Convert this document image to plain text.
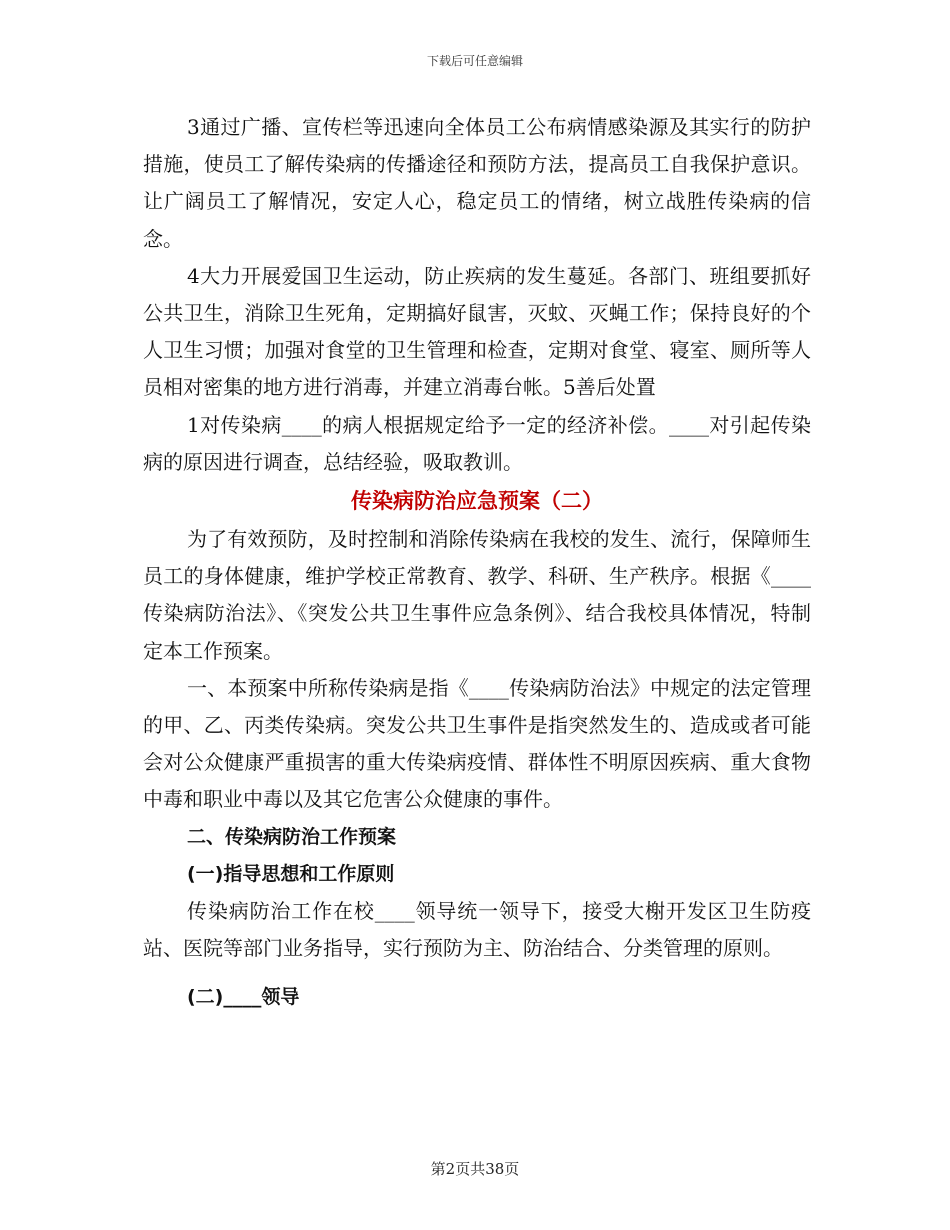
下载后可任意编辑

3通过广播、宣传栏等迅速向全体员工公布病情感染源及其实行的防护措施，使员工了解传染病的传播途径和预防方法，提高员工自我保护意识。让广阔员工了解情况，安定人心，稳定员工的情绪，树立战胜传染病的信念。

4大力开展爱国卫生运动，防止疾病的发生蔓延。各部门、班组要抓好公共卫生，消除卫生死角，定期搞好鼠害，灭蚊、灭蝇工作；保持良好的个人卫生习惯；加强对食堂的卫生管理和检查，定期对食堂、寝室、厕所等人员相对密集的地方进行消毒，并建立消毒台帐。5善后处置

1对传染病____的病人根据规定给予一定的经济补偿。____对引起传染病的原因进行调查，总结经验，吸取教训。

传染病防治应急预案（二）

为了有效预防，及时控制和消除传染病在我校的发生、流行，保障师生员工的身体健康，维护学校正常教育、教学、科研、生产秩序。根据《____传染病防治法》、《突发公共卫生事件应急条例》、结合我校具体情况，特制定本工作预案。

一、本预案中所称传染病是指《____传染病防治法》中规定的法定管理的甲、乙、丙类传染病。突发公共卫生事件是指突然发生的、造成或者可能会对公众健康严重损害的重大传染病疫情、群体性不明原因疾病、重大食物中毒和职业中毒以及其它危害公众健康的事件。

二、传染病防治工作预案

(一)指导思想和工作原则

传染病防治工作在校____领导统一领导下，接受大榭开发区卫生防疫站、医院等部门业务指导，实行预防为主、防治结合、分类管理的原则。

(二)____领导

第2页共38页
